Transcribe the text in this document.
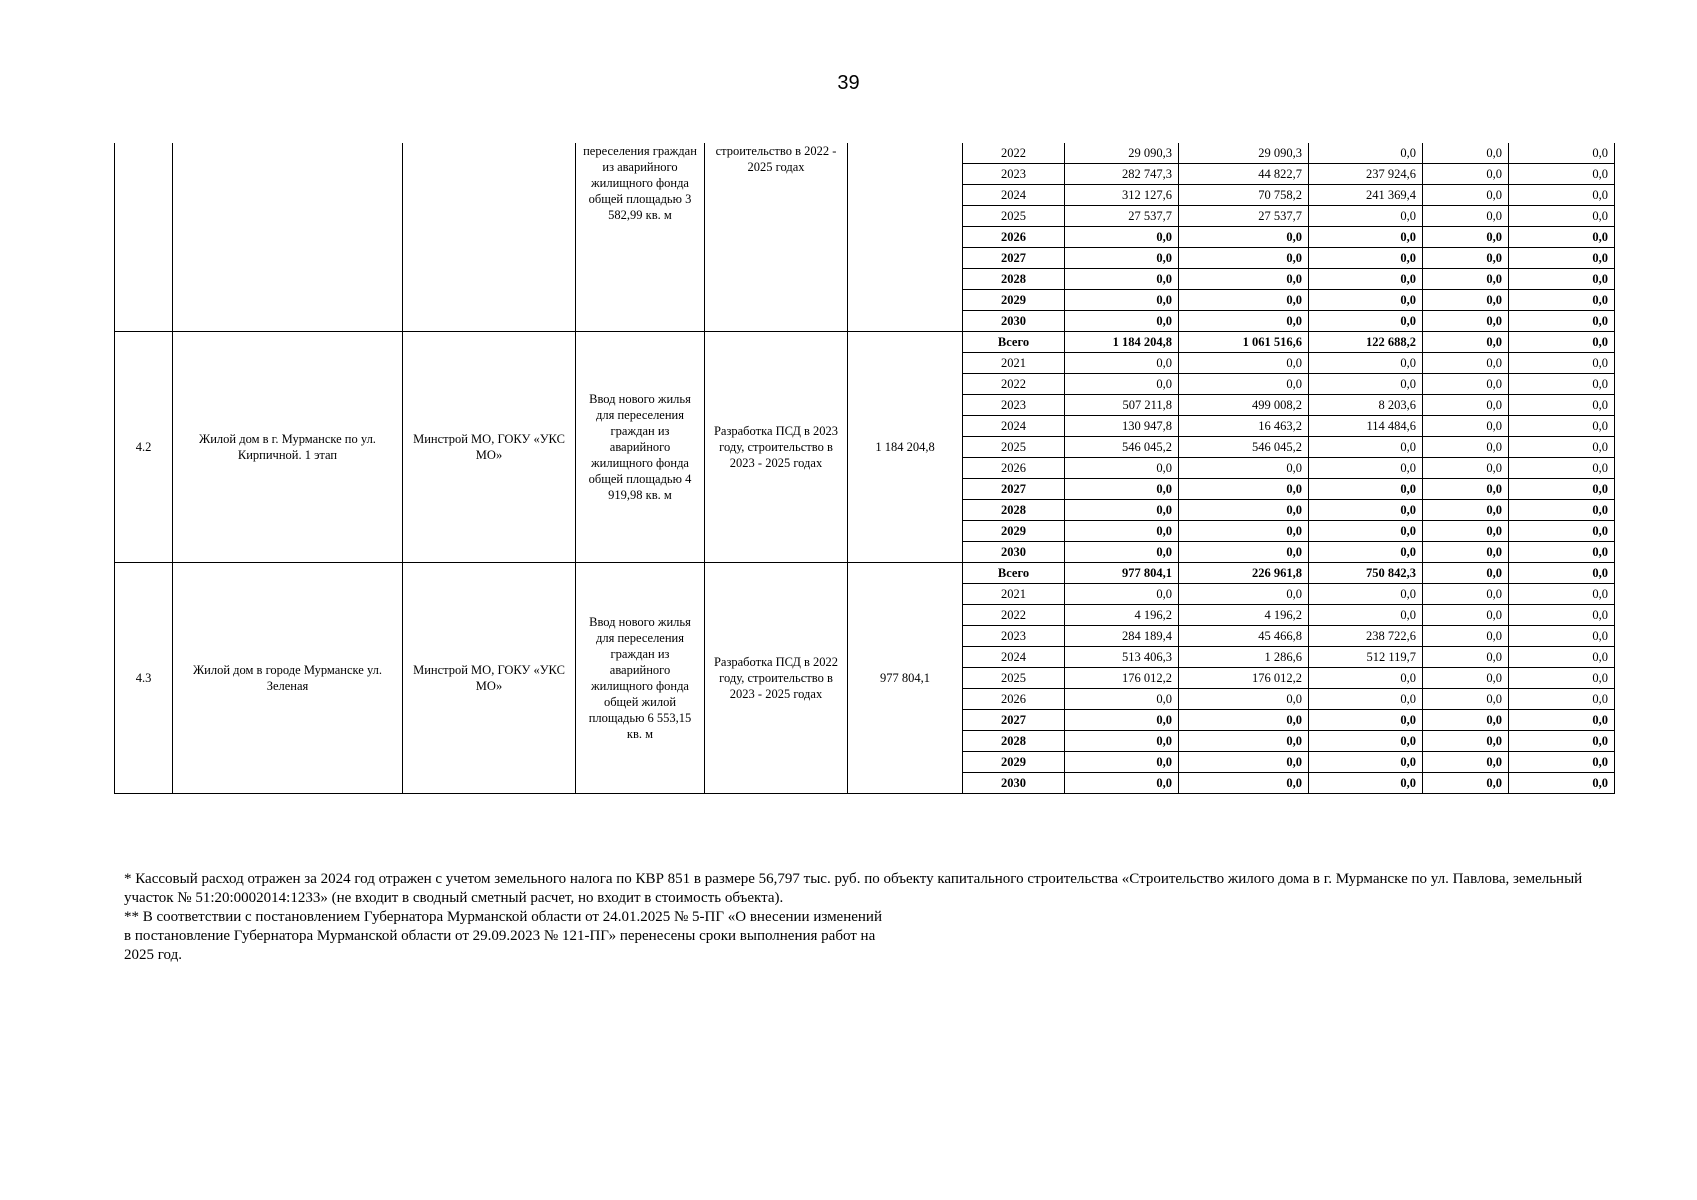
39
			переселения граждан из аварийного жилищного фонда общей площадью 3 582,99 кв. м	строительство в 2022 - 2025 годах		2022	29 090,3	29 090,3	0,0	0,0	0,0
						2023	282 747,3	44 822,7	237 924,6	0,0	0,0
						2024	312 127,6	70 758,2	241 369,4	0,0	0,0
						2025	27 537,7	27 537,7	0,0	0,0	0,0
						2026	0,0	0,0	0,0	0,0	0,0
						2027	0,0	0,0	0,0	0,0	0,0
						2028	0,0	0,0	0,0	0,0	0,0
						2029	0,0	0,0	0,0	0,0	0,0
						2030	0,0	0,0	0,0	0,0	0,0
4.2	Жилой дом в г. Мурманске по ул. Кирпичной. 1 этап	Минстрой МО, ГОКУ «УКС МО»	Ввод нового жилья для переселения граждан из аварийного жилищного фонда общей площадью 4 919,98 кв. м	Разработка ПСД в 2023 году, строительство в 2023 - 2025 годах	1 184 204,8	Всего	1 184 204,8	1 061 516,6	122 688,2	0,0	0,0
						2021	0,0	0,0	0,0	0,0	0,0
						2022	0,0	0,0	0,0	0,0	0,0
						2023	507 211,8	499 008,2	8 203,6	0,0	0,0
						2024	130 947,8	16 463,2	114 484,6	0,0	0,0
						2025	546 045,2	546 045,2	0,0	0,0	0,0
						2026	0,0	0,0	0,0	0,0	0,0
						2027	0,0	0,0	0,0	0,0	0,0
						2028	0,0	0,0	0,0	0,0	0,0
						2029	0,0	0,0	0,0	0,0	0,0
						2030	0,0	0,0	0,0	0,0	0,0
4.3	Жилой дом в городе Мурманске ул. Зеленая	Минстрой МО, ГОКУ «УКС МО»	Ввод нового жилья для переселения граждан из аварийного жилищного фонда общей жилой площадью 6 553,15 кв. м	Разработка ПСД в 2022 году, строительство в 2023 - 2025 годах	977 804,1	Всего	977 804,1	226 961,8	750 842,3	0,0	0,0
						2021	0,0	0,0	0,0	0,0	0,0
						2022	4 196,2	4 196,2	0,0	0,0	0,0
						2023	284 189,4	45 466,8	238 722,6	0,0	0,0
						2024	513 406,3	1 286,6	512 119,7	0,0	0,0
						2025	176 012,2	176 012,2	0,0	0,0	0,0
						2026	0,0	0,0	0,0	0,0	0,0
						2027	0,0	0,0	0,0	0,0	0,0
						2028	0,0	0,0	0,0	0,0	0,0
						2029	0,0	0,0	0,0	0,0	0,0
						2030	0,0	0,0	0,0	0,0	0,0

* Кассовый расход отражен за 2024 год отражен с учетом земельного налога по КВР 851 в размере 56,797 тыс. руб. по объекту капитального строительства «Строительство жилого дома в г. Мурманске по ул. Павлова, земельный участок № 51:20:0002014:1233» (не входит в сводный сметный расчет, но входит в стоимость объекта).

** В соответствии с постановлением Губернатора Мурманской области от 24.01.2025 № 5-ПГ «О внесении изменений

в постановление Губернатора Мурманской области от 29.09.2023 № 121-ПГ» перенесены сроки выполнения работ на

2025 год.
